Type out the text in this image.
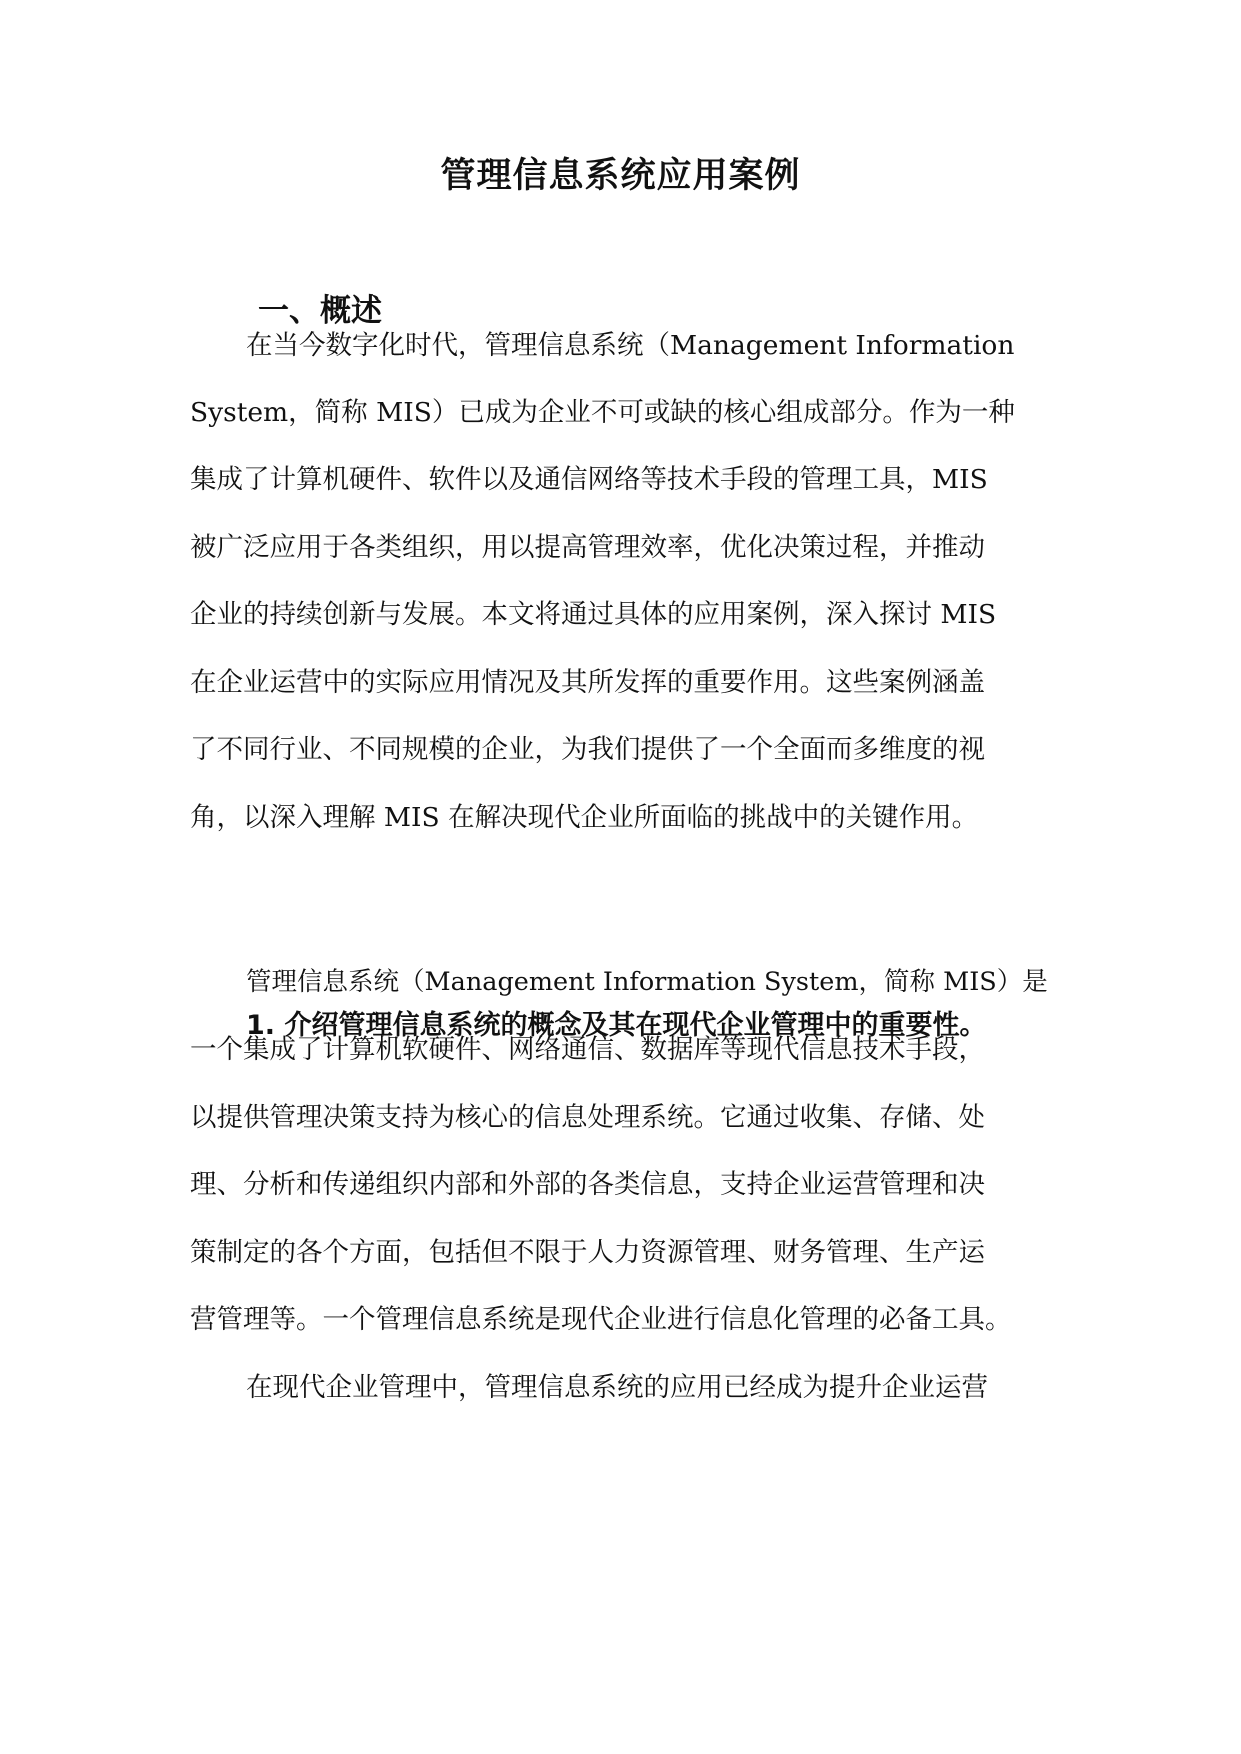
管理信息系统应用案例
一、概述

在当今数字化时代，管理信息系统（Management Information

System，简称 MIS）已成为企业不可或缺的核心组成部分。作为一种

集成了计算机硬件、软件以及通信网络等技术手段的管理工具，MIS

被广泛应用于各类组织，用以提高管理效率，优化决策过程，并推动

企业的持续创新与发展。本文将通过具体的应用案例，深入探讨 MIS

在企业运营中的实际应用情况及其所发挥的重要作用。这些案例涵盖

了不同行业、不同规模的企业，为我们提供了一个全面而多维度的视

角，以深入理解 MIS 在解决现代企业所面临的挑战中的关键作用。

1. 介绍管理信息系统的概念及其在现代企业管理中的重要性。

管理信息系统（Management Information System，简称 MIS）是

一个集成了计算机软硬件、网络通信、数据库等现代信息技术手段，

以提供管理决策支持为核心的信息处理系统。它通过收集、存储、处

理、分析和传递组织内部和外部的各类信息，支持企业运营管理和决

策制定的各个方面，包括但不限于人力资源管理、财务管理、生产运

营管理等。一个管理信息系统是现代企业进行信息化管理的必备工具。

在现代企业管理中，管理信息系统的应用已经成为提升企业运营
